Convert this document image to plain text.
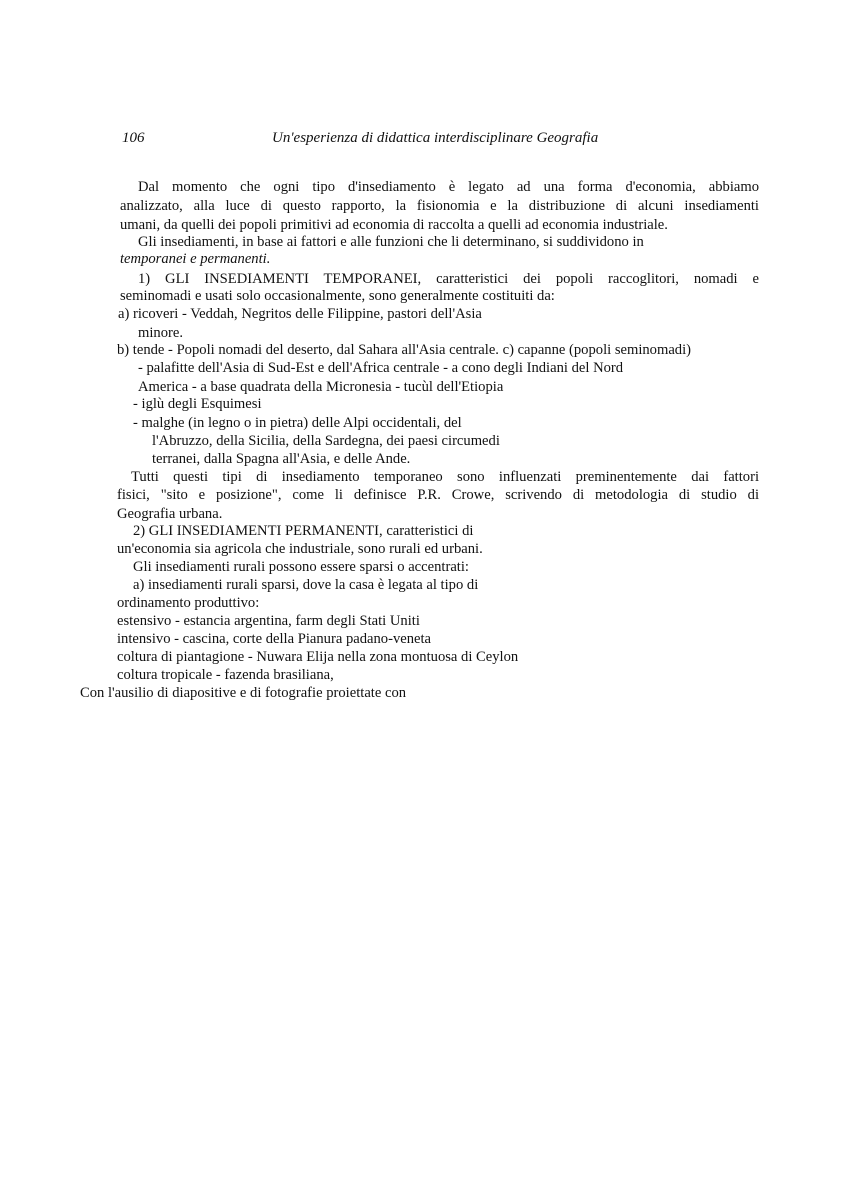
106	Un'esperienza di didattica interdisciplinare Geografia
Dal momento che ogni tipo d'insediamento è legato ad una forma d'economia, abbiamo
analizzato, alla luce di questo rapporto, la fisionomia e la distribuzione di alcuni insediamenti
umani, da quelli dei popoli primitivi ad economia di raccolta a quelli ad economia industriale.
Gli insediamenti, in base ai fattori e alle funzioni che li determinano, si suddividono in
temporanei e permanenti.
1) GLI INSEDIAMENTI TEMPORANEI, caratteristici dei popoli raccoglitori, nomadi e
seminomadi e usati solo occasionalmente, sono generalmente costituiti da:
a) ricoveri - Veddah, Negritos delle Filippine, pastori dell'Asia
minore.
b) tende - Popoli nomadi del deserto, dal Sahara all'Asia centrale. c) capanne (popoli seminomadi)
- palafitte dell'Asia di Sud-Est e dell'Africa centrale - a cono degli Indiani del Nord
America - a base quadrata della Micronesia - tucùl dell'Etiopia
- iglù degli Esquimesi
- malghe (in legno o in pietra) delle Alpi occidentali, del
l'Abruzzo, della Sicilia, della Sardegna, dei paesi circumedi
terranei, dalla Spagna all'Asia, e delle Ande.
Tutti questi tipi di insediamento temporaneo sono influenzati preminentemente dai fattori
fisici, "sito e posizione", come li definisce P.R. Crowe, scrivendo di metodologia di studio di
Geografia urbana.
2) GLI INSEDIAMENTI PERMANENTI, caratteristici di
un'economia sia agricola che industriale, sono rurali ed urbani.
Gli insediamenti rurali possono essere sparsi o accentrati:
a) insediamenti rurali sparsi, dove la casa è legata al tipo di
ordinamento produttivo:
estensivo - estancia argentina, farm degli Stati Uniti
intensivo - cascina, corte della Pianura padano-veneta
coltura di piantagione - Nuwara Elija nella zona montuosa di Ceylon
coltura tropicale - fazenda brasiliana,
Con l'ausilio di diapositive e di fotografie proiettate con
